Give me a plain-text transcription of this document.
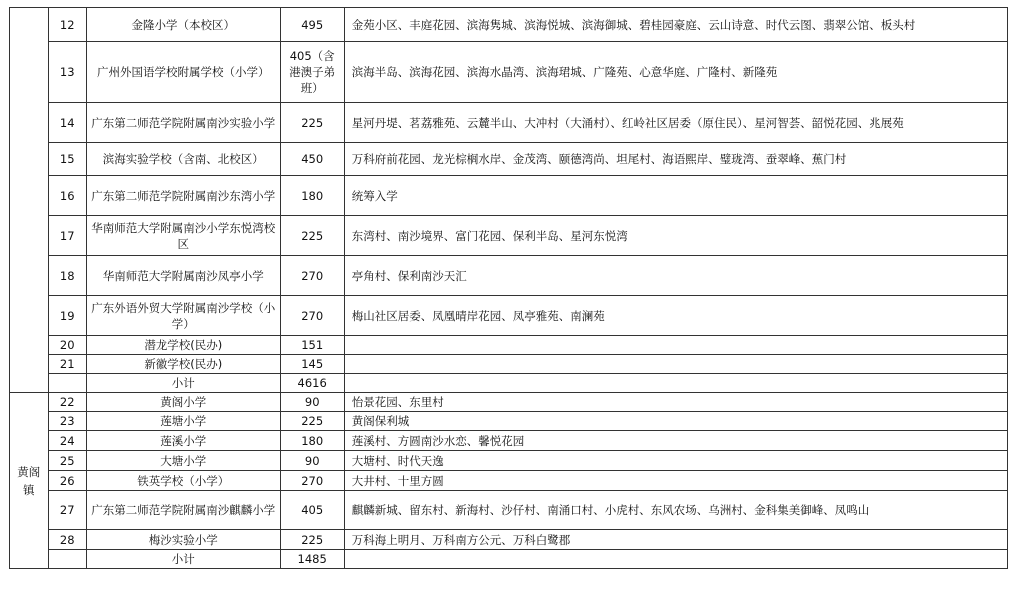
	12	金隆小学（本校区）	495	金苑小区、丰庭花园、滨海隽城、滨海悦城、滨海御城、碧桂园豪庭、云山诗意、时代云图、翡翠公馆、板头村
	13	广州外国语学校附属学校（小学）	405（含港澳子弟班）	滨海半岛、滨海花园、滨海水晶湾、滨海珺城、广隆苑、心意华庭、广隆村、新隆苑
	14	广东第二师范学院附属南沙实验小学	225	星河丹堤、茗荔雅苑、云麓半山、大冲村（大涌村）、红岭社区居委（原住民）、星河智荟、韶悦花园、兆展苑
	15	滨海实验学校（含南、北校区）	450	万科府前花园、龙光棕榈水岸、金茂湾、颐德湾尚、坦尾村、海语熙岸、璧珑湾、蚕翠峰、蕉门村
	16	广东第二师范学院附属南沙东湾小学	180	统筹入学
	17	华南师范大学附属南沙小学东悦湾校区	225	东湾村、南沙境界、富门花园、保利半岛、星河东悦湾
	18	华南师范大学附属南沙凤亭小学	270	亭角村、保利南沙天汇
	19	广东外语外贸大学附属南沙学校（小学）	270	梅山社区居委、凤凰晴岸花园、凤亭雅苑、南澜苑
	20	潜龙学校(民办)	151	
	21	新徽学校(民办)	145	
		小计	4616	
黄阁镇	22	黄阁小学	90	怡景花园、东里村
	23	莲塘小学	225	黄阁保利城
	24	莲溪小学	180	莲溪村、方圆南沙水恋、馨悦花园
	25	大塘小学	90	大塘村、时代天逸
	26	铁英学校（小学）	270	大井村、十里方圆
	27	广东第二师范学院附属南沙麒麟小学	405	麒麟新城、留东村、新海村、沙仔村、南涌口村、小虎村、东风农场、乌洲村、金科集美御峰、凤鸣山
	28	梅沙实验小学	225	万科海上明月、万科南方公元、万科白鹭郡
		小计	1485	
